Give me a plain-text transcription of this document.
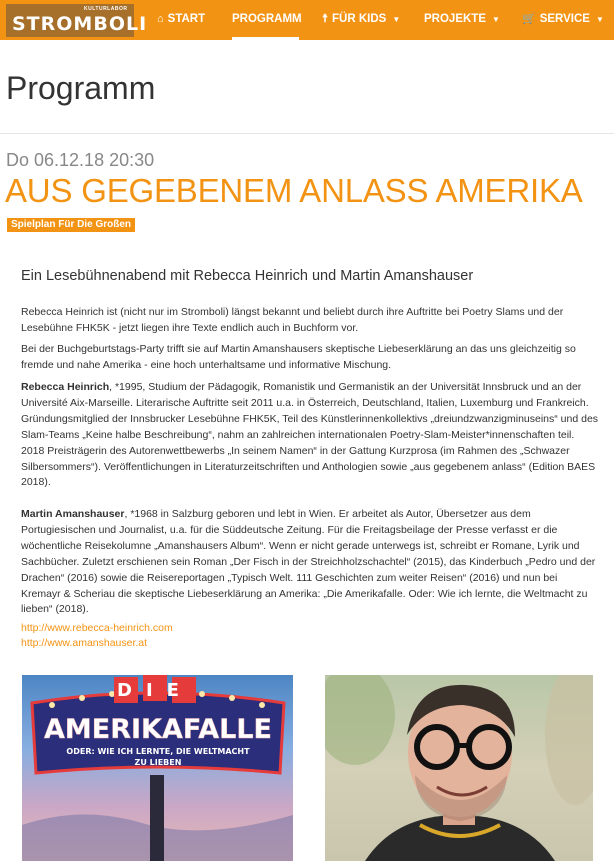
KULTURLABOR
STROMBOLI ⌂ START PROGRAMM ☨ FÜR KIDS ▼ PROJEKTE ▼ 🛒 SERVICE ▼
Programm
Do 06.12.18 20:30
AUS GEGEBENEM ANLASS AMERIKA
Spielplan Für Die Großen
Ein Lesebühnenabend mit Rebecca Heinrich und Martin Amanshauser

Rebecca Heinrich ist (nicht nur im Stromboli) längst bekannt und beliebt durch ihre Auftritte bei Poetry Slams und der Lesebühne FHK5K - jetzt liegen ihre Texte endlich auch in Buchform vor.

Bei der Buchgeburtstags-Party trifft sie auf Martin Amanshausers skeptische Liebeserklärung an das uns gleichzeitig so fremde und nahe Amerika - eine hoch unterhaltsame und informative Mischung.

Rebecca Heinrich, *1995, Studium der Pädagogik, Romanistik und Germanistik an der Universität Innsbruck und an der Université Aix-Marseille. Literarische Auftritte seit 2011 u.a. in Österreich, Deutschland, Italien, Luxemburg und Frankreich. Gründungsmitglied der Innsbrucker Lesebühne FHK5K, Teil des Künstlerinnenkollektivs „dreiundzwanzigminuseins“ und des Slam-Teams „Keine halbe Beschreibung“, nahm an zahlreichen internationalen Poetry-Slam-Meister*innenschaften teil. 2018 Preisträgerin des Autorenwettbewerbs „In seinem Namen“ in der Gattung Kurzprosa (im Rahmen des „Schwazer Silbersommers“). Veröffentlichungen in Literaturzeitschriften und Anthologien sowie „aus gegebenem anlass“ (Edition BAES 2018).

Martin Amanshauser, *1968 in Salzburg geboren und lebt in Wien. Er arbeitet als Autor, Übersetzer aus dem Portugiesischen und Journalist, u.a. für die Süddeutsche Zeitung. Für die Freitagsbeilage der Presse verfasst er die wöchentliche Reisekolumne „Amanshausers Album“. Wenn er nicht gerade unterwegs ist, schreibt er Romane, Lyrik und Sachbücher. Zuletzt erschienen sein Roman „Der Fisch in der Streichholzschachtel“ (2015), das Kinderbuch „Pedro und der Drachen“ (2016) sowie die Reisereportagen „Typisch Welt. 111 Geschichten zum weiter Reisen“ (2016) und nun bei Kremayr & Scheriau die skeptische Liebeserklärung an Amerika: „Die Amerikafalle. Oder: Wie ich lernte, die Weltmacht zu lieben“ (2018).

http://www.rebecca-heinrich.com
http://www.amanshauser.at
DIE
AMERIKAFALLE
ODER: WIE ICH LERNTE, DIE WELTMACHT
ZU LIEBEN
